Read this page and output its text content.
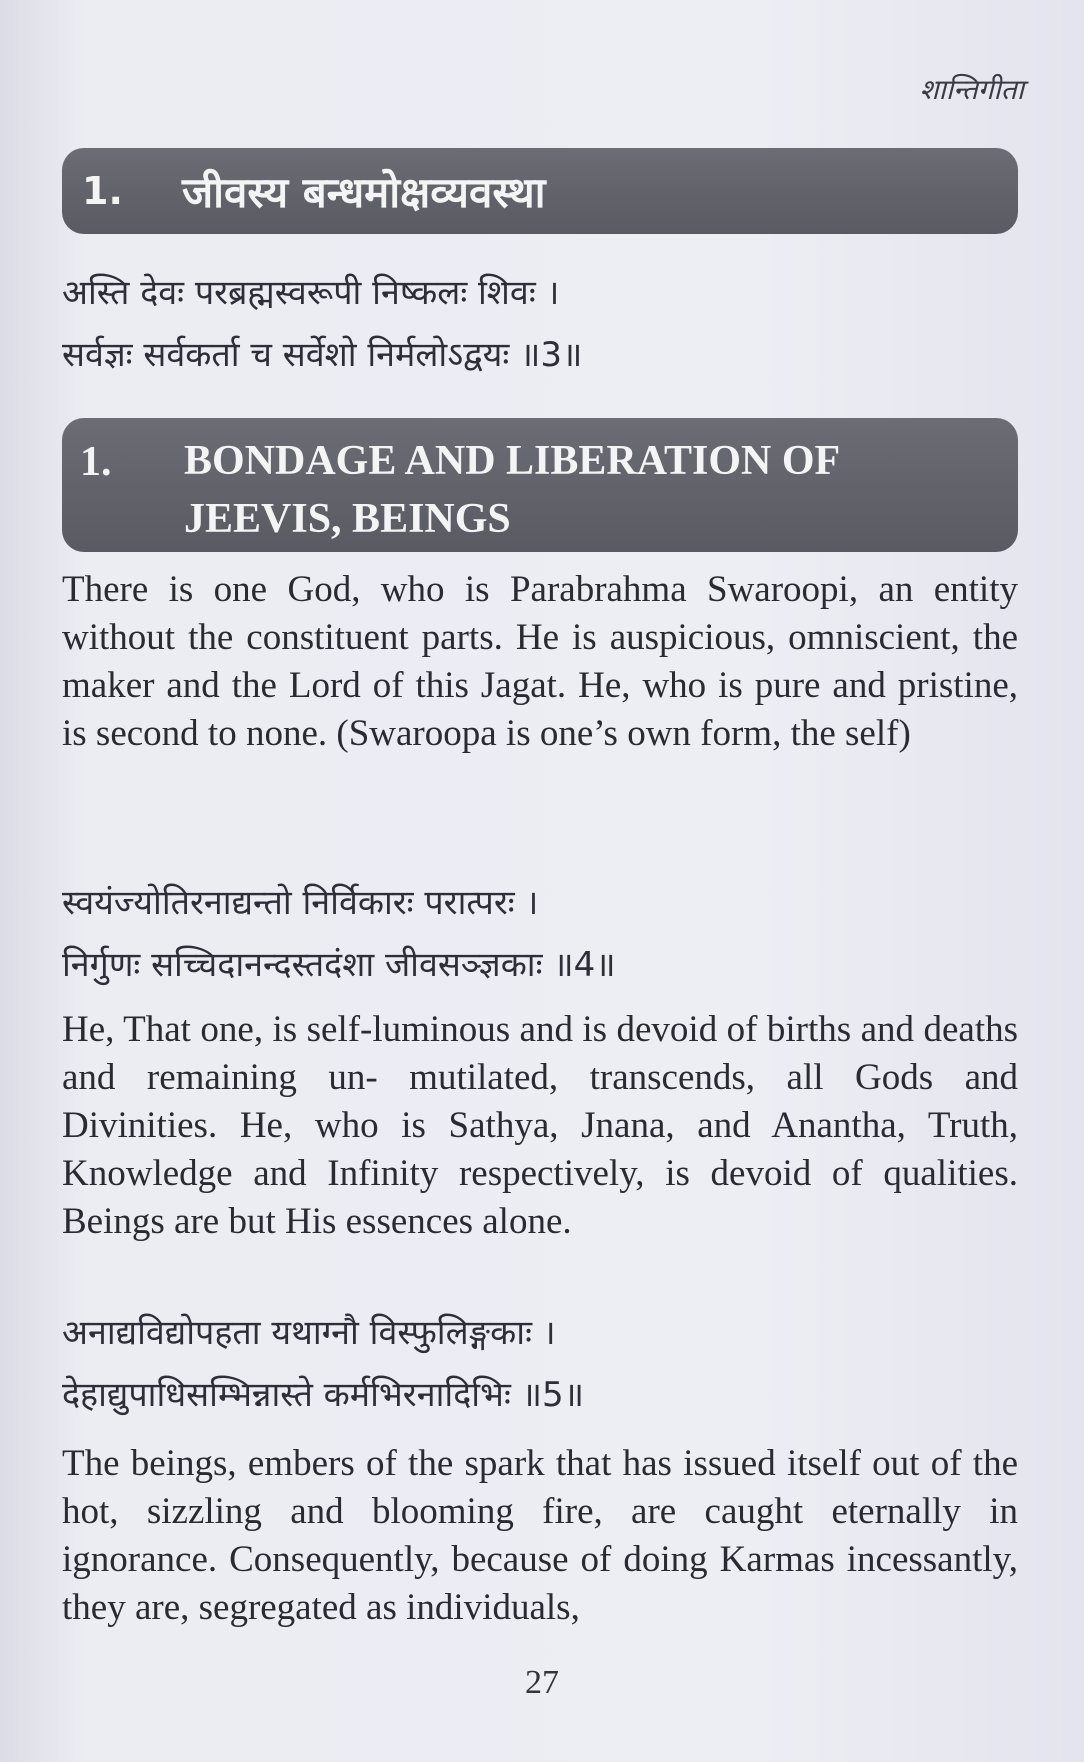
शान्तिगीता
1.	जीवस्य बन्धमोक्षव्यवस्था
अस्ति देवः परब्रह्मस्वरूपी निष्कलः शिवः ।
सर्वज्ञः सर्वकर्ता च सर्वेशो निर्मलोऽद्वयः ॥3॥
1.	BONDAGE AND LIBERATION OF
JEEVIS, BEINGS
There is one God, who is Parabrahma Swaroopi, an entity without the constituent parts. He is auspicious, omniscient, the maker and the Lord of this Jagat. He, who is pure and pristine, is second to none. (Swaroopa is one’s own form, the self)
स्वयंज्योतिरनाद्यन्तो निर्विकारः परात्परः ।
निर्गुणः सच्चिदानन्दस्तदंशा जीवसञ्ज्ञकाः ॥4॥
He, That one, is self-luminous and is devoid of births and deaths and remaining un- mutilated, transcends, all Gods and Divinities. He, who is Sathya, Jnana, and Anantha, Truth, Knowledge and Infinity respectively, is devoid of qualities. Beings are but His essences alone.
अनाद्यविद्योपहता यथाग्नौ विस्फुलिङ्गकाः ।
देहाद्युपाधिसम्भिन्नास्ते कर्मभिरनादिभिः ॥5॥
The beings, embers of the spark that has issued itself out of the hot, sizzling and blooming fire, are caught eternally in ignorance. Consequently, because of doing Karmas incessantly, they are, segregated as individuals,
27
